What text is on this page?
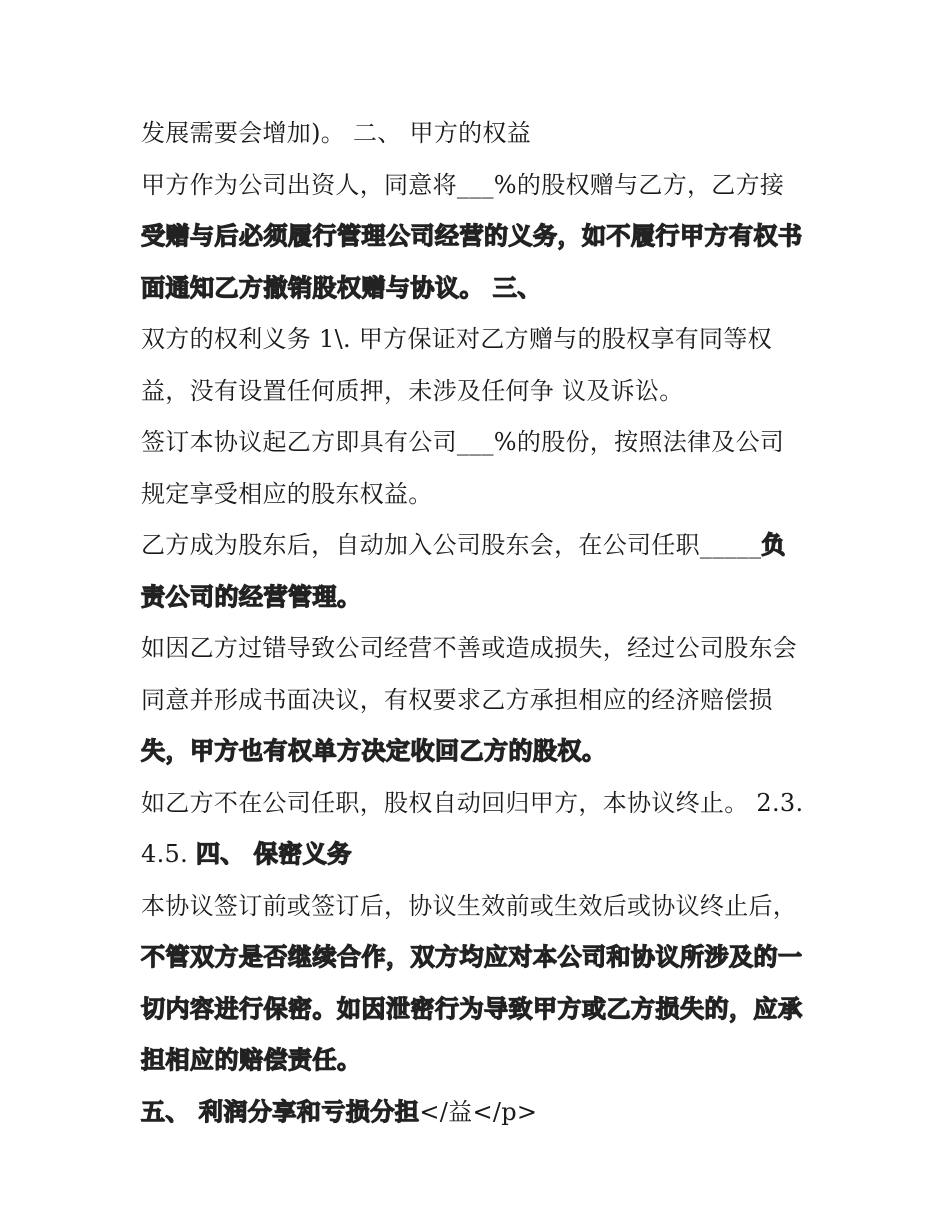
发展需要会增加)。 二、 甲方的权益
甲方作为公司出资人，同意将___%的股权赠与乙方，乙方接
受赠与后必须履行管理公司经营的义务，如不履行甲方有权书
面通知乙方撤销股权赠与协议。 三、
双方的权利义务 1\. 甲方保证对乙方赠与的股权享有同等权
益，没有设置任何质押，未涉及任何争 议及诉讼。
签订本协议起乙方即具有公司___%的股份，按照法律及公司
规定享受相应的股东权益。
乙方成为股东后，自动加入公司股东会，在公司任职_____负
责公司的经营管理。
如因乙方过错导致公司经营不善或造成损失，经过公司股东会
同意并形成书面决议，有权要求乙方承担相应的经济赔偿损
失，甲方也有权单方决定收回乙方的股权。
如乙方不在公司任职，股权自动回归甲方，本协议终止。 2.3.
4.5. 四、 保密义务
本协议签订前或签订后，协议生效前或生效后或协议终止后，
不管双方是否继续合作，双方均应对本公司和协议所涉及的一
切内容进行保密。如因泄密行为导致甲方或乙方损失的，应承
担相应的赔偿责任。
五、 利润分享和亏损分担</益</p>
